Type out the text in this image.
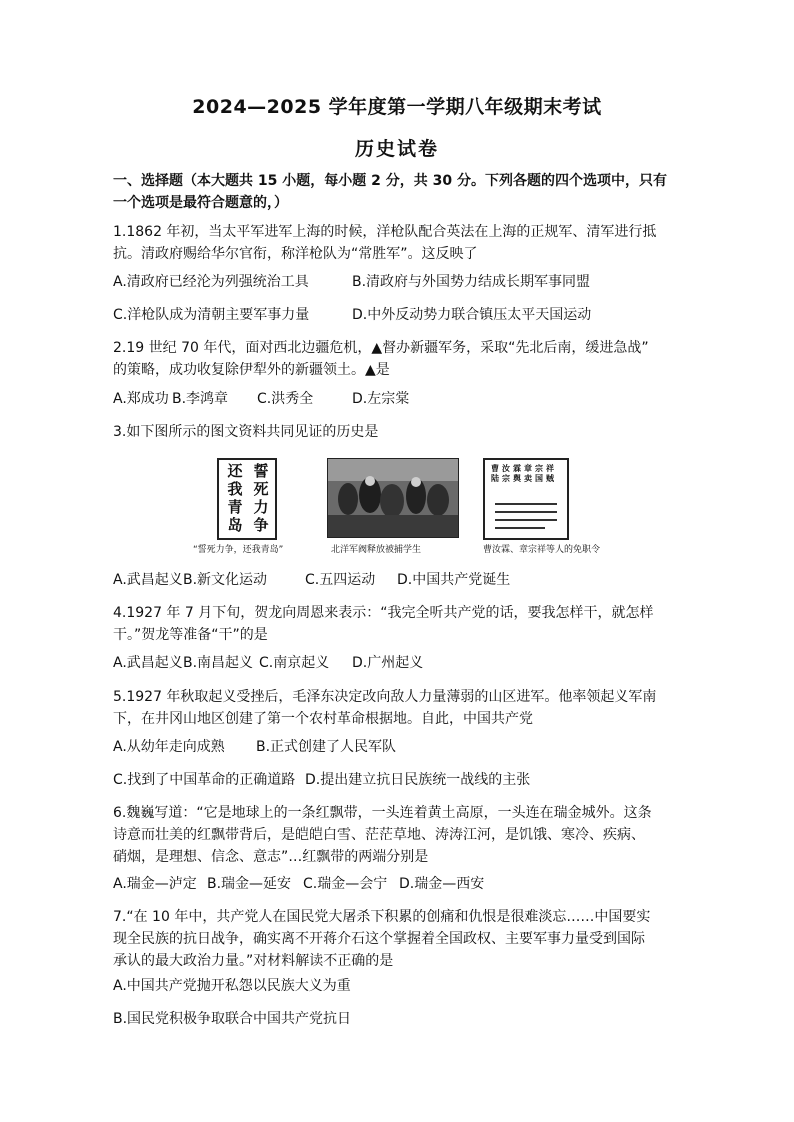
2024—2025 学年度第一学期八年级期末考试
历史试卷
一、选择题（本大题共 15 小题，每小题 2 分，共 30 分。下列各题的四个选项中，只有
一个选项是最符合题意的，）
1.1862 年初，当太平军进军上海的时候，洋枪队配合英法在上海的正规军、清军进行抵
抗。清政府赐给华尔官衔，称洋枪队为“常胜军”。这反映了
A.清政府已经沦为列强统治工具	B.清政府与外国势力结成长期军事同盟
C.洋枪队成为清朝主要军事力量	D.中外反动势力联合镇压太平天国运动
2.19 世纪 70 年代，面对西北边疆危机，▲督办新疆军务，采取“先北后南，缓进急战”
的策略，成功收复除伊犁外的新疆领土。▲是
A.郑成功 B.李鸿章 C.洪秀全	D.左宗棠
3.如下图所示的图文资料共同见证的历史是
誓
死
力
争
还
我
青
岛
曹 汝 霖 章 宗 祥
陆 宗 舆 卖 国 贼
“誓死力争，还我青岛”	北洋军阀释放被捕学生	曹汝霖、章宗祥等人的免职令
A.武昌起义 B.新文化运动	C.五四运动 D.中国共产党诞生
4.1927 年 7 月下旬，贺龙向周恩来表示：“我完全听共产党的话，要我怎样干，就怎样
干。”贺龙等准备“干”的是
A.武昌起义 B.南昌起义 C.南京起义 D.广州起义
5.1927 年秋取起义受挫后，毛泽东决定改向敌人力量薄弱的山区进军。他率领起义军南
下，在井冈山地区创建了第一个农村革命根据地。自此，中国共产党
A.从幼年走向成熟 B.正式创建了人民军队
C.找到了中国革命的正确道路 D.提出建立抗日民族统一战线的主张
6.魏巍写道：“它是地球上的一条红飘带，一头连着黄土高原，一头连在瑞金城外。这条
诗意而壮美的红飘带背后，是皑皑白雪、茫茫草地、涛涛江河，是饥饿、寒冷、疾病、
硝烟，是理想、信念、意志”…红飘带的两端分别是
A.瑞金—泸定 B.瑞金—延安 C.瑞金—会宁 D.瑞金—西安
7.“在 10 年中，共产党人在国民党大屠杀下积累的创痛和仇恨是很难淡忘……中国要实
现全民族的抗日战争，确实离不开蒋介石这个掌握着全国政权、主要军事力量受到国际
承认的最大政治力量。”对材料解读不正确的是
A.中国共产党抛开私怨以民族大义为重
B.国民党积极争取联合中国共产党抗日
